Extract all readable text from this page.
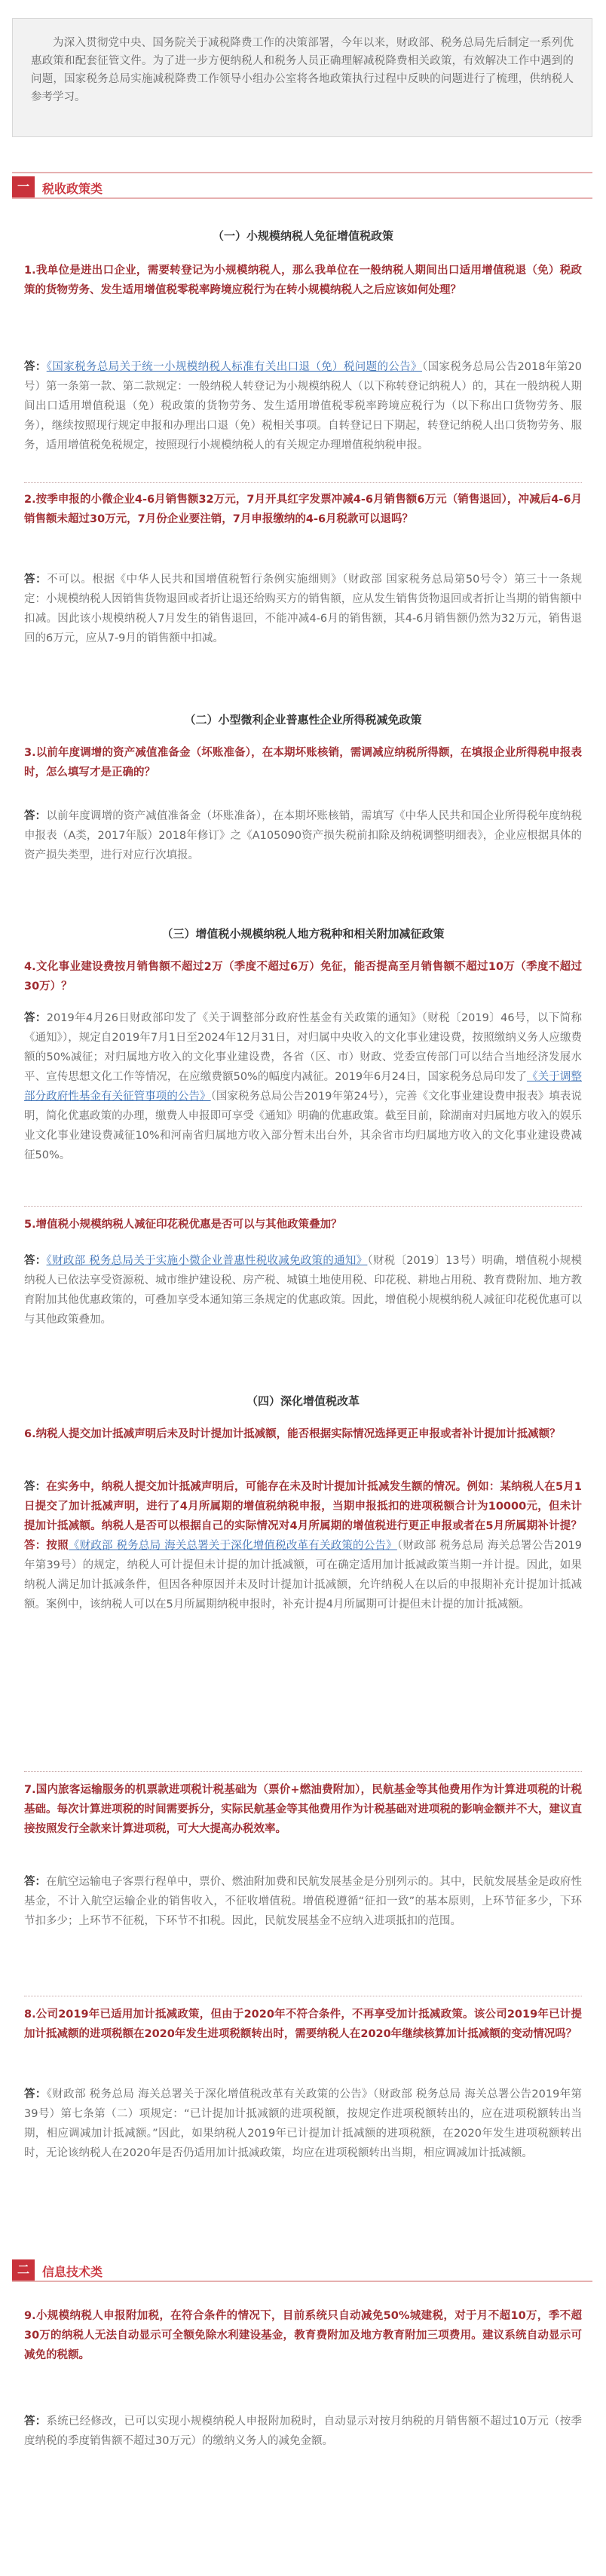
为深入贯彻党中央、国务院关于减税降费工作的决策部署，今年以来，财政部、税务总局先后制定一系列优惠政策和配套征管文件。为了进一步方便纳税人和税务人员正确理解减税降费相关政策，有效解决工作中遇到的问题，国家税务总局实施减税降费工作领导小组办公室将各地政策执行过程中反映的问题进行了梳理，供纳税人参考学习。
一	税收政策类
（一）小规模纳税人免征增值税政策
1.我单位是进出口企业，需要转登记为小规模纳税人，那么我单位在一般纳税人期间出口适用增值税退（免）税政策的货物劳务、发生适用增值税零税率跨境应税行为在转小规模纳税人之后应该如何处理？
答：《国家税务总局关于统一小规模纳税人标准有关出口退（免）税问题的公告》（国家税务总局公告2018年第20号）第一条第一款、第二款规定：一般纳税人转登记为小规模纳税人（以下称转登记纳税人）的，其在一般纳税人期间出口适用增值税退（免）税政策的货物劳务、发生适用增值税零税率跨境应税行为（以下称出口货物劳务、服务），继续按照现行规定申报和办理出口退（免）税相关事项。自转登记日下期起，转登记纳税人出口货物劳务、服务，适用增值税免税规定，按照现行小规模纳税人的有关规定办理增值税纳税申报。
2.按季申报的小微企业4-6月销售额32万元，7月开具红字发票冲减4-6月销售额6万元（销售退回），冲减后4-6月销售额未超过30万元，7月份企业要注销，7月申报缴纳的4-6月税款可以退吗？
答：不可以。根据《中华人民共和国增值税暂行条例实施细则》（财政部 国家税务总局第50号令）第三十一条规定：小规模纳税人因销售货物退回或者折让退还给购买方的销售额，应从发生销售货物退回或者折让当期的销售额中扣减。因此该小规模纳税人7月发生的销售退回，不能冲减4-6月的销售额，其4-6月销售额仍然为32万元，销售退回的6万元，应从7-9月的销售额中扣减。
（二）小型微利企业普惠性企业所得税减免政策
3.以前年度调增的资产减值准备金（坏账准备），在本期坏账核销，需调减应纳税所得额，在填报企业所得税申报表时，怎么填写才是正确的？
答：以前年度调增的资产减值准备金（坏账准备），在本期坏账核销，需填写《中华人民共和国企业所得税年度纳税申报表（A类，2017年版）2018年修订》之《A105090资产损失税前扣除及纳税调整明细表》，企业应根据具体的资产损失类型，进行对应行次填报。
（三）增值税小规模纳税人地方税种和相关附加减征政策
4.文化事业建设费按月销售额不超过2万（季度不超过6万）免征，能否提高至月销售额不超过10万（季度不超过30万）？
答：2019年4月26日财政部印发了《关于调整部分政府性基金有关政策的通知》（财税〔2019〕46号，以下简称《通知》），规定自2019年7月1日至2024年12月31日，对归属中央收入的文化事业建设费，按照缴纳义务人应缴费额的50%减征；对归属地方收入的文化事业建设费，各省（区、市）财政、党委宣传部门可以结合当地经济发展水平、宣传思想文化工作等情况，在应缴费额50%的幅度内减征。2019年6月24日，国家税务总局印发了《关于调整部分政府性基金有关征管事项的公告》（国家税务总局公告2019年第24号），完善《文化事业建设费申报表》填表说明，简化优惠政策的办理，缴费人申报即可享受《通知》明确的优惠政策。截至目前，除湖南对归属地方收入的娱乐业文化事业建设费减征10%和河南省归属地方收入部分暂未出台外，其余省市均归属地方收入的文化事业建设费减征50%。
5.增值税小规模纳税人减征印花税优惠是否可以与其他政策叠加？
答：《财政部 税务总局关于实施小微企业普惠性税收减免政策的通知》（财税〔2019〕13号）明确，增值税小规模纳税人已依法享受资源税、城市维护建设税、房产税、城镇土地使用税、印花税、耕地占用税、教育费附加、地方教育附加其他优惠政策的，可叠加享受本通知第三条规定的优惠政策。因此，增值税小规模纳税人减征印花税优惠可以与其他政策叠加。
（四）深化增值税改革
6.纳税人提交加计抵减声明后未及时计提加计抵减额，能否根据实际情况选择更正申报或者补计提加计抵减额？
答：在实务中，纳税人提交加计抵减声明后，可能存在未及时计提加计抵减发生额的情况。例如：某纳税人在5月1日提交了加计抵减声明，进行了4月所属期的增值税纳税申报，当期申报抵扣的进项税额合计为10000元，但未计提加计抵减额。纳税人是否可以根据自己的实际情况对4月所属期的增值税进行更正申报或者在5月所属期补计提？答：按照《财政部 税务总局 海关总署关于深化增值税改革有关政策的公告》（财政部 税务总局 海关总署公告2019年第39号）的规定，纳税人可计提但未计提的加计抵减额，可在确定适用加计抵减政策当期一并计提。因此，如果纳税人满足加计抵减条件，但因各种原因并未及时计提加计抵减额，允许纳税人在以后的申报期补充计提加计抵减额。案例中，该纳税人可以在5月所属期纳税申报时，补充计提4月所属期可计提但未计提的加计抵减额。
7.国内旅客运输服务的机票款进项税计税基础为（票价+燃油费附加），民航基金等其他费用作为计算进项税的计税基础。每次计算进项税的时间需要拆分，实际民航基金等其他费用作为计税基础对进项税的影响金额并不大，建议直接按照发行全款来计算进项税，可大大提高办税效率。
答：在航空运输电子客票行程单中，票价、燃油附加费和民航发展基金是分别列示的。其中，民航发展基金是政府性基金，不计入航空运输企业的销售收入，不征收增值税。增值税遵循“征扣一致”的基本原则，上环节征多少，下环节扣多少；上环节不征税，下环节不扣税。因此，民航发展基金不应纳入进项抵扣的范围。
8.公司2019年已适用加计抵减政策，但由于2020年不符合条件，不再享受加计抵减政策。该公司2019年已计提加计抵减额的进项税额在2020年发生进项税额转出时，需要纳税人在2020年继续核算加计抵减额的变动情况吗？
答：《财政部 税务总局 海关总署关于深化增值税改革有关政策的公告》（财政部 税务总局 海关总署公告2019年第39号）第七条第（二）项规定：“已计提加计抵减额的进项税额，按规定作进项税额转出的，应在进项税额转出当期，相应调减加计抵减额。”因此，如果纳税人2019年已计提加计抵减额的进项税额，在2020年发生进项税额转出时，无论该纳税人在2020年是否仍适用加计抵减政策，均应在进项税额转出当期，相应调减加计抵减额。
二	信息技术类
9.小规模纳税人申报附加税，在符合条件的情况下，目前系统只自动减免50%城建税，对于月不超10万，季不超30万的纳税人无法自动显示可全额免除水利建设基金，教育费附加及地方教育附加三项费用。建议系统自动显示可减免的税额。
答：系统已经修改，已可以实现小规模纳税人申报附加税时，自动显示对按月纳税的月销售额不超过10万元（按季度纳税的季度销售额不超过30万元）的缴纳义务人的减免金额。
